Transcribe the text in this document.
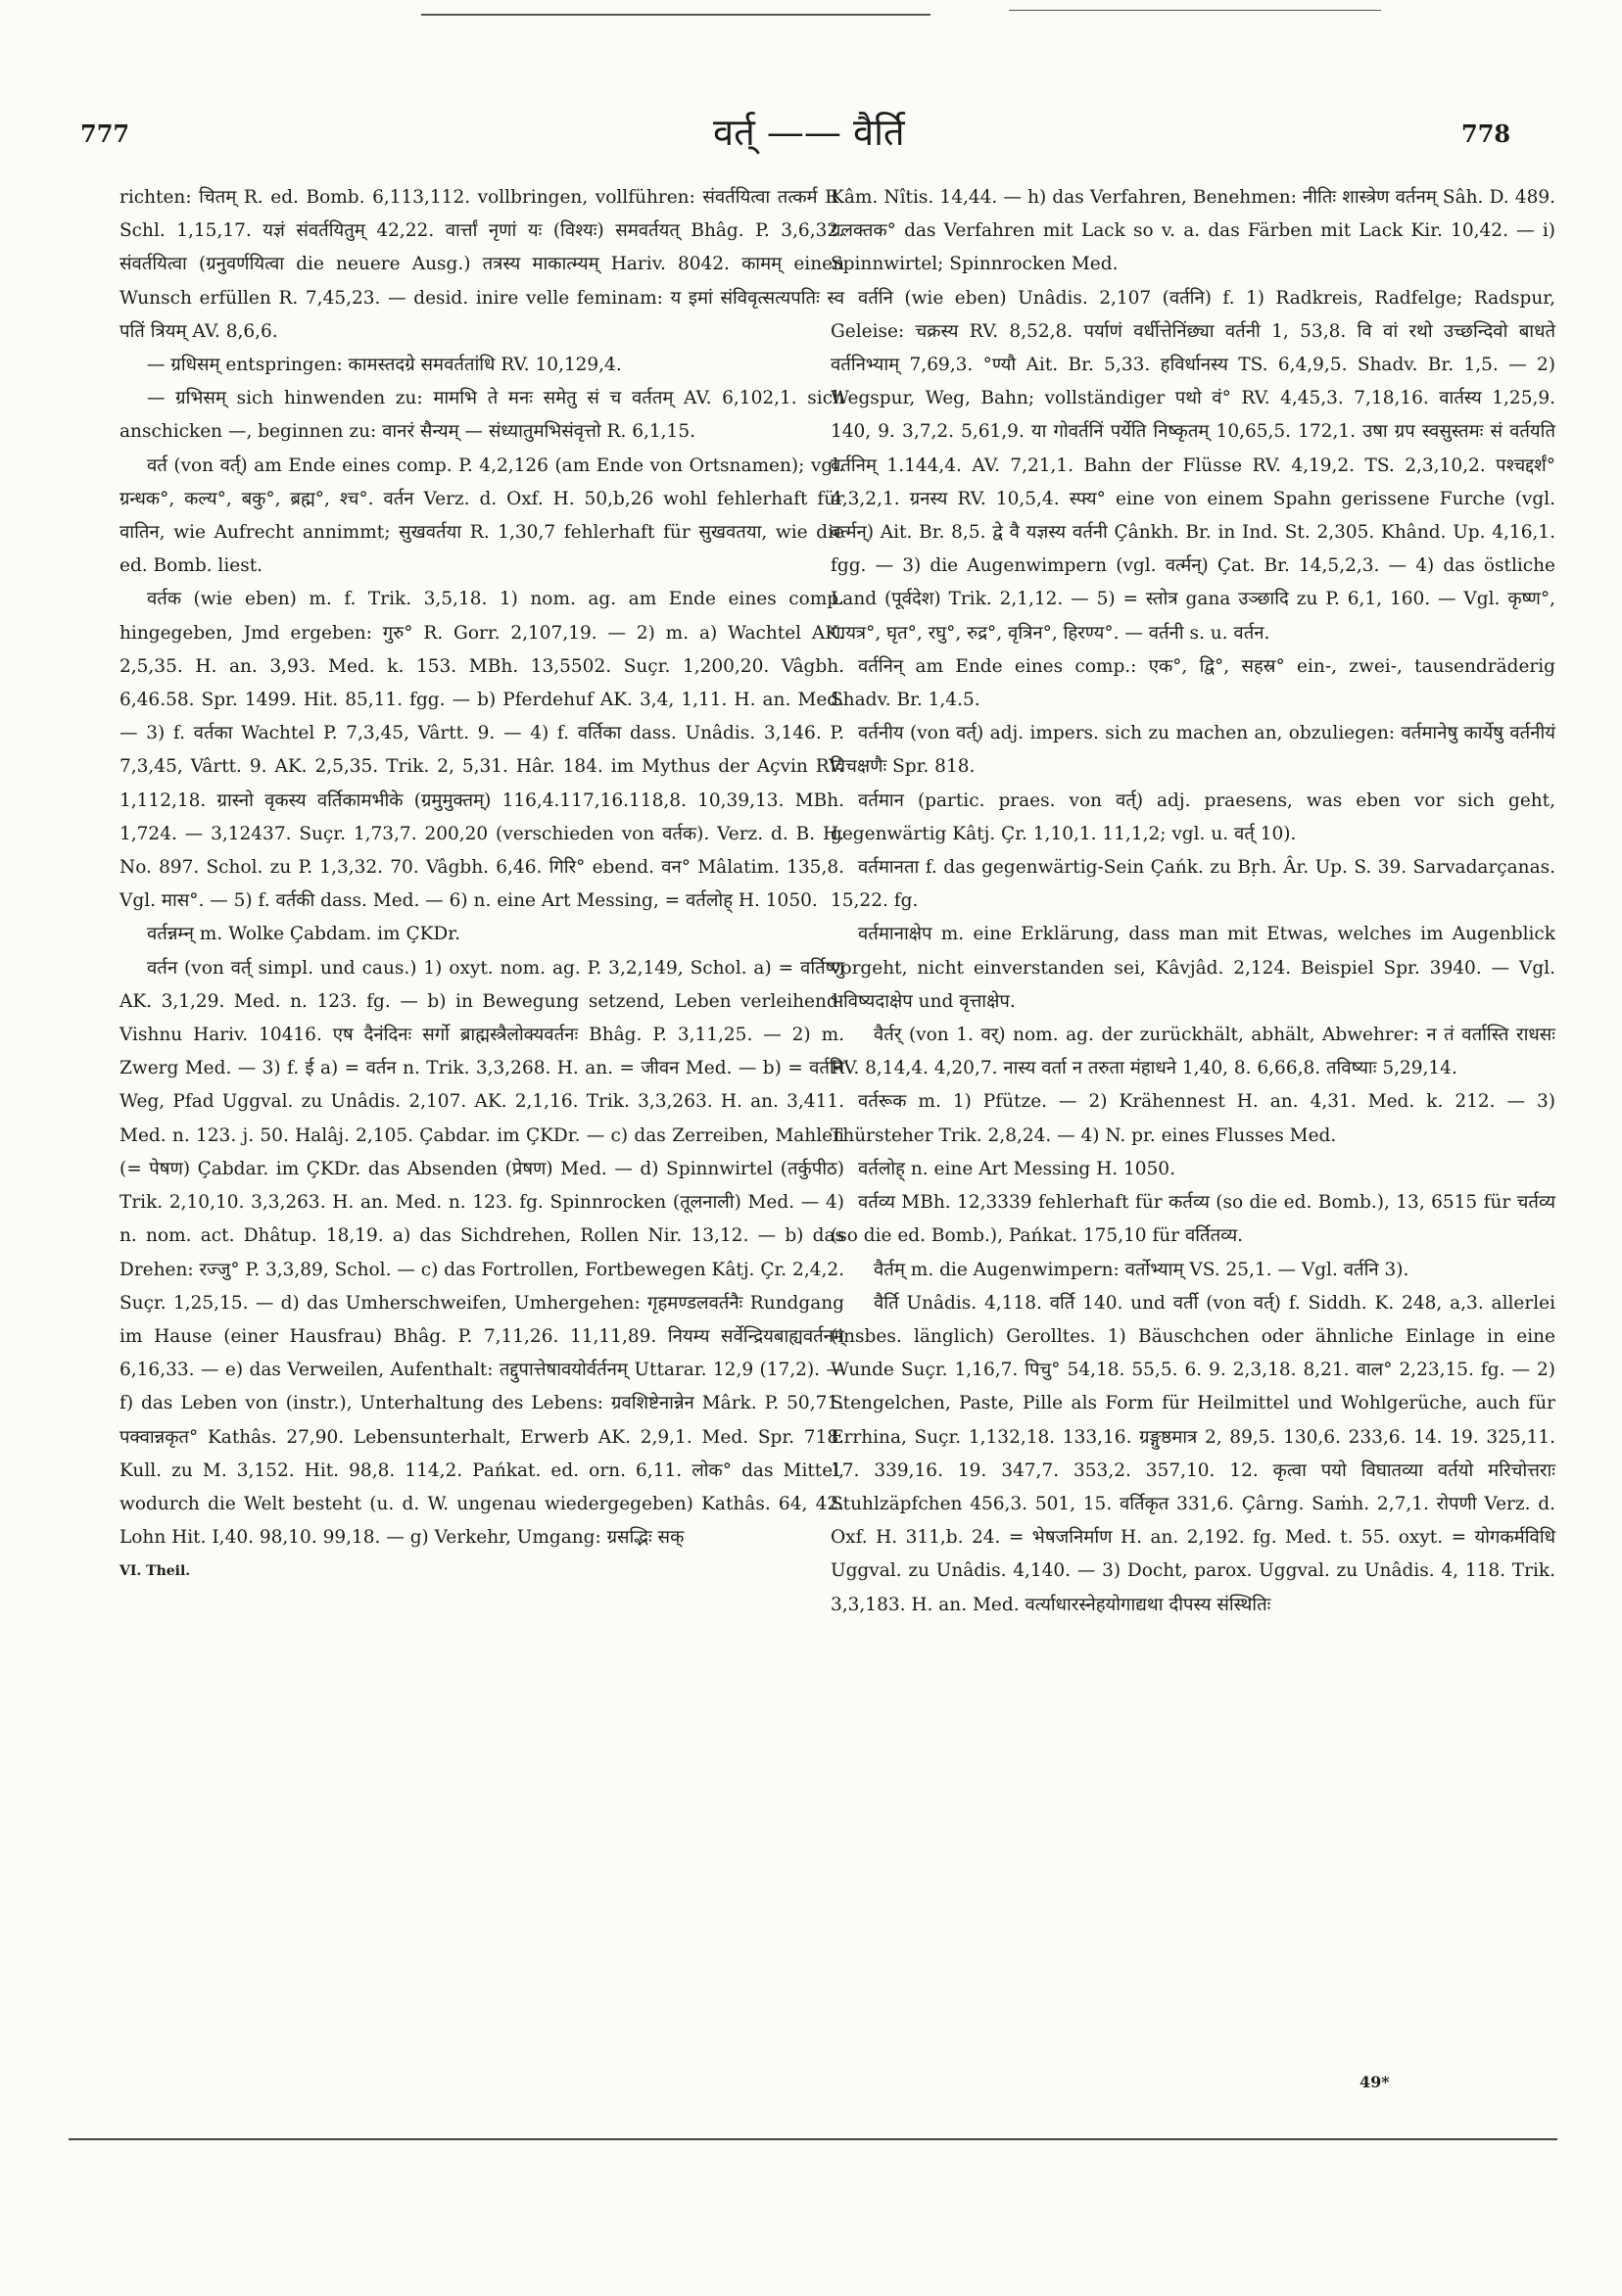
777	वर्त् —— वैर्ति	778

richten: चितम् R. ed. Bomb. 6,113,112. vollbringen, vollführen: संवर्तयित्वा तत्कर्म R. Schl. 1,15,17. यज्ञं संवर्तयितुम् 42,22. वार्त्तां नृणां यः (विश्यः) समवर्तयत् Bhâg. P. 3,6,32. संवर्तयित्वा (ग्रनुवर्णयित्वा die neuere Ausg.) तत्रस्य माकात्म्यम् Hariv. 8042. कामम् einen Wunsch erfüllen R. 7,45,23. — desid. inire velle feminam: य इमां संविवृत्सत्यपतिः स्व पतिं त्रियम् AV. 8,6,6.

— ग्रधिसम् entspringen: कामस्तदग्रे समवर्ततांधि RV. 10,129,4.

— ग्रभिसम् sich hinwenden zu: मामभि ते मनः समेतु सं च वर्ततम् AV. 6,102,1. sich anschicken —, beginnen zu: वानरं सैन्यम् — संध्यातुमभिसंवृत्तो R. 6,1,15.

वर्त (von वर्त्) am Ende eines comp. P. 4,2,126 (am Ende von Ortsnamen); vgl. ग्रन्धक°, कल्य°, बकु°, ब्रह्म°, श्च°. वर्तन Verz. d. Oxf. H. 50,b,26 wohl fehlerhaft für वातिन, wie Aufrecht annimmt; सुखवर्तया R. 1,30,7 fehlerhaft für सुखवतया, wie die ed. Bomb. liest.

वर्तक (wie eben) m. f. Trik. 3,5,18. 1) nom. ag. am Ende eines comp. hingegeben, Jmd ergeben: गुरु° R. Gorr. 2,107,19. — 2) m. a) Wachtel AK. 2,5,35. H. an. 3,93. Med. k. 153. MBh. 13,5502. Suçr. 1,200,20. Vâgbh. 6,46.58. Spr. 1499. Hit. 85,11. fgg. — b) Pferdehuf AK. 3,4, 1,11. H. an. Med. — 3) f. वर्तका Wachtel P. 7,3,45, Vârtt. 9. — 4) f. वर्तिका dass. Unâdis. 3,146. P. 7,3,45, Vârtt. 9. AK. 2,5,35. Trik. 2, 5,31. Hâr. 184. im Mythus der Açvin RV. 1,112,18. ग्रास्नो वृकस्य वर्तिकामभीके (ग्रमुमुक्तम्) 116,4.117,16.118,8. 10,39,13. MBh. 1,724. — 3,12437. Suçr. 1,73,7. 200,20 (verschieden von वर्तक). Verz. d. B. H. No. 897. Schol. zu P. 1,3,32. 70. Vâgbh. 6,46. गिरि° ebend. वन° Mâlatim. 135,8. Vgl. मास°. — 5) f. वर्तकी dass. Med. — 6) n. eine Art Messing, = वर्तलोह् H. 1050.

वर्तन्नम्न् m. Wolke Çabdam. im ÇKDr.

वर्तन (von वर्त् simpl. und caus.) 1) oxyt. nom. ag. P. 3,2,149, Schol. a) = वर्तिष्णु AK. 3,1,29. Med. n. 123. fg. — b) in Bewegung setzend, Leben verleihend: Vishnu Hariv. 10416. एष दैनंदिनः सर्गो ब्राह्मस्त्रैलोक्यवर्तनः Bhâg. P. 3,11,25. — 2) m. Zwerg Med. — 3) f. ई a) = वर्तन n. Trik. 3,3,268. H. an. = जीवन Med. — b) = वर्तनि Weg, Pfad Uggval. zu Unâdis. 2,107. AK. 2,1,16. Trik. 3,3,263. H. an. 3,411. Med. n. 123. j. 50. Halâj. 2,105. Çabdar. im ÇKDr. — c) das Zerreiben, Mahlen (= पेषण) Çabdar. im ÇKDr. das Absenden (प्रेषण) Med. — d) Spinnwirtel (तर्कुपीठ) Trik. 2,10,10. 3,3,263. H. an. Med. n. 123. fg. Spinnrocken (तूलनाली) Med. — 4) n. nom. act. Dhâtup. 18,19. a) das Sichdrehen, Rollen Nir. 13,12. — b) das Drehen: रज्जु° P. 3,3,89, Schol. — c) das Fortrollen, Fortbewegen Kâtj. Çr. 2,4,2. Suçr. 1,25,15. — d) das Umherschweifen, Umhergehen: गृहमण्डलवर्तनैः Rundgang im Hause (einer Hausfrau) Bhâg. P. 7,11,26. 11,11,89. नियम्य सर्वेन्द्रियबाह्यवर्तनम् 6,16,33. — e) das Verweilen, Aufenthalt: तद्दुपात्तेषावयोर्वर्तनम् Uttarar. 12,9 (17,2). — f) das Leben von (instr.), Unterhaltung des Lebens: ग्रवशिष्टेनान्नेन Mârk. P. 50,71. पक्वान्नकृत° Kathâs. 27,90. Lebensunterhalt, Erwerb AK. 2,9,1. Med. Spr. 718. Kull. zu M. 3,152. Hit. 98,8. 114,2. Pańkat. ed. orn. 6,11. लोक° das Mittel, wodurch die Welt besteht (u. d. W. ungenau wiedergegeben) Kathâs. 64, 42. Lohn Hit. I,40. 98,10. 99,18. — g) Verkehr, Umgang: ग्रसद्भिः सक्

VI. Theil.

Kâm. Nîtis. 14,44. — h) das Verfahren, Benehmen: नीतिः शास्त्रेण वर्तनम् Sâh. D. 489. ग्रलक्तक° das Verfahren mit Lack so v. a. das Färben mit Lack Kir. 10,42. — i) Spinnwirtel; Spinnrocken Med.

वर्तनि (wie eben) Unâdis. 2,107 (वर्तनि) f. 1) Radkreis, Radfelge; Radspur, Geleise: चक्रस्य RV. 8,52,8. पर्याणं वर्धीत्तेनिंछ्या वर्तनी 1, 53,8. वि वां रथो उच्छन्दिवो बाधते वर्तनिभ्याम् 7,69,3. °ण्यौ Ait. Br. 5,33. हविर्धानस्य TS. 6,4,9,5. Shadv. Br. 1,5. — 2) Wegspur, Weg, Bahn; vollständiger पथो वं° RV. 4,45,3. 7,18,16. वार्तस्य 1,25,9. 140, 9. 3,7,2. 5,61,9. या गोवर्तनिं पर्येति निष्कृतम् 10,65,5. 172,1. उषा ग्रप स्वसुस्तमः सं वर्तयति वर्तनिम् 1.144,4. AV. 7,21,1. Bahn der Flüsse RV. 4,19,2. TS. 2,3,10,2. पश्चद्दर्शं° 4,3,2,1. ग्रनस्य RV. 10,5,4. स्फ्य° eine von einem Spahn gerissene Furche (vgl. वर्त्मन्) Ait. Br. 8,5. द्वे वै यज्ञस्य वर्तनी Çânkh. Br. in Ind. St. 2,305. Khând. Up. 4,16,1. fgg. — 3) die Augenwimpern (vgl. वर्त्मन्) Çat. Br. 14,5,2,3. — 4) das östliche Land (पूर्वदेश) Trik. 2,1,12. — 5) = स्तोत्र gana उञ्छादि zu P. 6,1, 160. — Vgl. कृष्ण°, गायत्र°, घृत°, रघु°, रुद्र°, वृत्रिन°, हिरण्य°. — वर्तनी s. u. वर्तन.

वर्तनिन् am Ende eines comp.: एक°, द्वि°, सहस्र° ein-, zwei-, tausendräderig Shadv. Br. 1,4.5.

वर्तनीय (von वर्त्) adj. impers. sich zu machen an, obzuliegen: वर्तमानेषु कार्येषु वर्तनीयं विचक्षणैः Spr. 818.

वर्तमान (partic. praes. von वर्त्) adj. praesens, was eben vor sich geht, gegenwärtig Kâtj. Çr. 1,10,1. 11,1,2; vgl. u. वर्त् 10).

वर्तमानता f. das gegenwärtig-Sein Çańk. zu Bṛh. Âr. Up. S. 39. Sarvadarçanas. 15,22. fg.

वर्तमानाक्षेप m. eine Erklärung, dass man mit Etwas, welches im Augenblick vorgeht, nicht einverstanden sei, Kâvjâd. 2,124. Beispiel Spr. 3940. — Vgl. भविष्यदाक्षेप und वृत्ताक्षेप.

वैर्तर् (von 1. वर्) nom. ag. der zurückhält, abhält, Abwehrer: न तं वर्तास्ति राधसः RV. 8,14,4. 4,20,7. नास्य वर्ता न तरुता मंहाधने 1,40, 8. 6,66,8. तविष्याः 5,29,14.

वर्तरूक m. 1) Pfütze. — 2) Krähennest H. an. 4,31. Med. k. 212. — 3) Thürsteher Trik. 2,8,24. — 4) N. pr. eines Flusses Med.

वर्तलोह् n. eine Art Messing H. 1050.

वर्तव्य MBh. 12,3339 fehlerhaft für कर्तव्य (so die ed. Bomb.), 13, 6515 für चर्तव्य (so die ed. Bomb.), Pańkat. 175,10 für वर्तितव्य.

वैर्तम् m. die Augenwimpern: वर्तोभ्याम् VS. 25,1. — Vgl. वर्तनि 3).

वैर्ति Unâdis. 4,118. वर्ति 140. und वर्ती (von वर्त्) f. Siddh. K. 248, a,3. allerlei (insbes. länglich) Gerolltes. 1) Bäuschchen oder ähnliche Einlage in eine Wunde Suçr. 1,16,7. पिचु° 54,18. 55,5. 6. 9. 2,3,18. 8,21. वाल° 2,23,15. fg. — 2) Stengelchen, Paste, Pille als Form für Heilmittel und Wohlgerüche, auch für Errhina, Suçr. 1,132,18. 133,16. ग्रङ्गुष्ठमात्र 2, 89,5. 130,6. 233,6. 14. 19. 325,11. 17. 339,16. 19. 347,7. 353,2. 357,10. 12. कृत्वा पयो विघातव्या वर्तयो मरिचोत्तराः Stuhlzäpfchen 456,3. 501, 15. वर्तिकृत 331,6. Çârng. Saṁh. 2,7,1. रोपणी Verz. d. Oxf. H. 311,b. 24. = भेषजनिर्माण H. an. 2,192. fg. Med. t. 55. oxyt. = योगकर्मविधि Uggval. zu Unâdis. 4,140. — 3) Docht, parox. Uggval. zu Unâdis. 4, 118. Trik. 3,3,183. H. an. Med. वर्त्याधारस्नेहयोगाद्यथा दीपस्य संस्थितिः

49*
